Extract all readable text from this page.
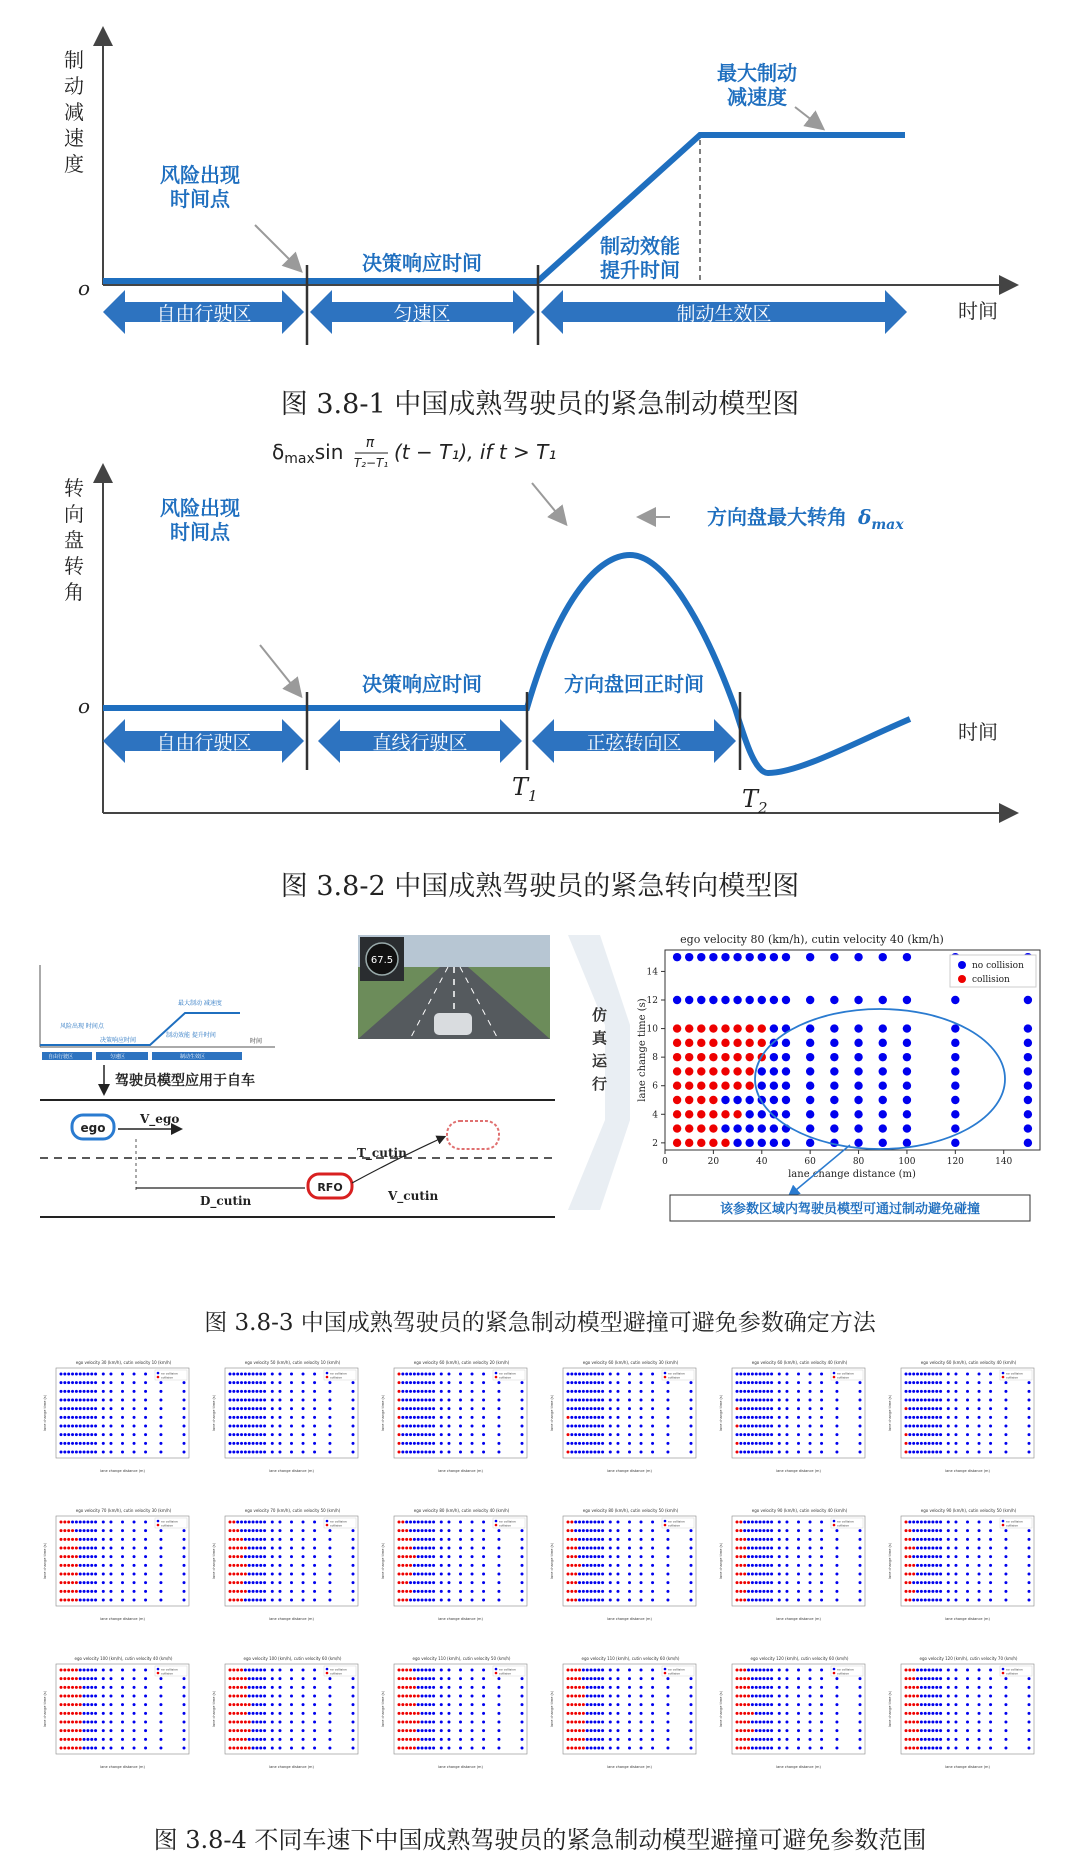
制
动
减
速
度
o
时间
风险出现
时间点
决策响应时间
制动效能
提升时间
最大制动
减速度
自由行驶区	匀速区	制动生效区
图 3.8-1 中国成熟驾驶员的紧急制动模型图
转
向
盘
转
角
o
时间
$\delta_{max}\sin$ π
T₂−T₁ (t − T₁), if t > T₁
风险出现
时间点
决策响应时间	方向盘回正时间
方向盘最大转角 $\delta_{max}$
$T_1$	$T_2$
自由行驶区	直线行驶区	正弦转向区
图 3.8-2 中国成熟驾驶员的紧急转向模型图
风险出现 时间点
决策响应时间
最大制动 减速度
制动效能 提升时间
自由行驶区	匀速区	制动生效区
时间
驾驶员模型应用于自车
67.5
ego
V_ego
D_cutin
RFO
T_cutin
V_cutin
仿
真
运
行
ego velocity 80 (km/h), cutin velocity 40 (km/h)
0	20	40	60	80	100	120	140
2
4
6
8
10
12
14
lane change distance (m)
lane change time (s)
no collision
collision
该参数区域内驾驶员模型可通过制动避免碰撞
图 3.8-3 中国成熟驾驶员的紧急制动模型避撞可避免参数确定方法
ego velocity 30 (km/h), cutin velocity 10 (km/h)
no collision
collision
lane change distance (m)
lane change time (s)
ego velocity 50 (km/h), cutin velocity 10 (km/h)
no collision
collision
lane change distance (m)
lane change time (s)
ego velocity 60 (km/h), cutin velocity 20 (km/h)
no collision
collision
lane change distance (m)
lane change time (s)
ego velocity 60 (km/h), cutin velocity 30 (km/h)
no collision
collision
lane change distance (m)
lane change time (s)
ego velocity 60 (km/h), cutin velocity 40 (km/h)
no collision
collision
lane change distance (m)
lane change time (s)
ego velocity 60 (km/h), cutin velocity 40 (km/h)
no collision
collision
lane change distance (m)
lane change time (s)
ego velocity 70 (km/h), cutin velocity 30 (km/h)
no collision
collision
lane change distance (m)
lane change time (s)
ego velocity 70 (km/h), cutin velocity 50 (km/h)
no collision
collision
lane change distance (m)
lane change time (s)
ego velocity 80 (km/h), cutin velocity 40 (km/h)
no collision
collision
lane change distance (m)
lane change time (s)
ego velocity 80 (km/h), cutin velocity 50 (km/h)
no collision
collision
lane change distance (m)
lane change time (s)
ego velocity 90 (km/h), cutin velocity 40 (km/h)
no collision
collision
lane change distance (m)
lane change time (s)
ego velocity 90 (km/h), cutin velocity 50 (km/h)
no collision
collision
lane change distance (m)
lane change time (s)
ego velocity 100 (km/h), cutin velocity 40 (km/h)
no collision
collision
lane change distance (m)
lane change time (s)
ego velocity 100 (km/h), cutin velocity 60 (km/h)
no collision
collision
lane change distance (m)
lane change time (s)
ego velocity 110 (km/h), cutin velocity 50 (km/h)
no collision
collision
lane change distance (m)
lane change time (s)
ego velocity 110 (km/h), cutin velocity 60 (km/h)
no collision
collision
lane change distance (m)
lane change time (s)
ego velocity 120 (km/h), cutin velocity 60 (km/h)
no collision
collision
lane change distance (m)
lane change time (s)
ego velocity 120 (km/h), cutin velocity 70 (km/h)
no collision
collision
lane change distance (m)
lane change time (s)
图 3.8-4 不同车速下中国成熟驾驶员的紧急制动模型避撞可避免参数范围
